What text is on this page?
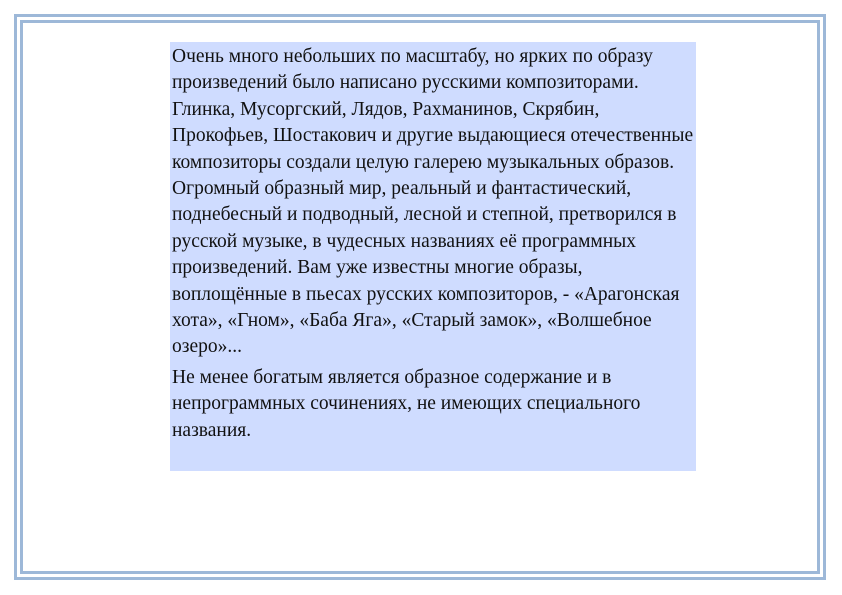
Очень много небольших по масштабу, но ярких по образу произведений было написано русскими композиторами. Глинка, Мусоргский, Лядов, Рахманинов, Скрябин, Прокофьев, Шостакович и другие выдающиеся отечественные композиторы создали целую галерею музыкальных образов. Огромный образный мир, реальный и фантастический, поднебесный и подводный, лесной и степной, претворился в русской музыке, в чудесных названиях её программных произведений. Вам уже известны многие образы, воплощённые в пьесах русских композиторов, - «Арагонская хота», «Гном», «Баба Яга», «Старый замок», «Волшебное озеро»...

Не менее богатым является образное содержание и в непрограммных сочинениях, не имеющих специального названия.
